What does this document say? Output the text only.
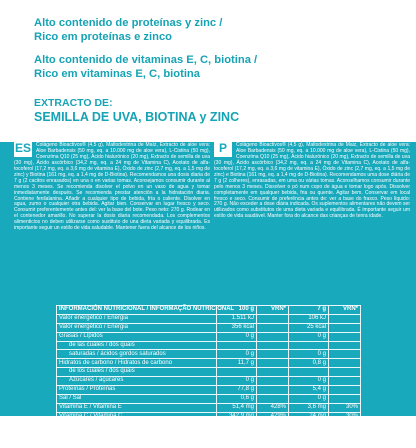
Alto contenido de proteínas y zinc /
Rico em proteínas e zinco
Alto contenido de vitaminas E, C, biotina /
Rico em vitaminas E, C, biotina
EXTRACTO DE:
SEMILLA DE UVA, BIOTINA y ZINC
ES

Contiene un cacito dosificador. Ingredientes por dosis diaria: Péptidos de Colágeno Bioactivos® (4,5 g), Maltodextrina de Maíz, Extracto de aloe vera: Aloe Barbadensis (50 mg, eq. a 10.000 mg de aloe vera), L-Cistina (50 mg), Coenzima Q10 (25 mg), Ácido hialurónico (20 mg), Extracto de semilla de uva (30 mg), Ácido ascórbico (34,2 mg, eq. a 24 mg de Vitamina C), Acetato de alfa-tocoferol (17,2 mg, eq. a 3,6 mg de vitamina E), Óxido de zinc (2,7 mg, eq. a 1,5 mg de zinc) y Biotina (161 mg, eq. a 1,4 mg de D-Biotina). Recomendamos una dosis diaria de 7 g (2 cacitos enrasados) en una o en varias tomas. Aconsejamos consumir durante al menos 3 meses. Se recomienda disolver el polvo en un vaso de agua y tomar inmediatamente después. Se recomienda prestar atención a la hidratación diaria. Contiene fenilalanina. Añadir a cualquier tipo de bebida, fría o caliente. Disolver en agua, zumo o cualquier otra bebida. Agitar bien. Conservar en lugar fresco y seco. Consumir preferentemente antes del: ver la base del bote. Peso neto: 270 g. Rodear en el contenedor amarillo. No superar la dosis diaria recomendada. Los complementos alimenticios no deben utilizarse como sustituto de una dieta variada y equilibrada. Es importante seguir un estilo de vida saludable. Mantener fuera del alcance de los niños.

P

Contém um colher de dosagem. Ingredientes por dose diária: Péptidos de Colágeno Bioactivos® (4,5 g), Maltodextrina de Maiz, Extracto de aloe vera: Aloe Barbadensis (50 mg, eq. a 10.000 mg de aloe vera), L-Cistina (50 mg), Coenzima Q10 (25 mg), Ácido hialurónico (20 mg), Extracto de semilla de uva (30 mg), Ácido ascórbico (34,2 mg, eq. a 24 mg de Vitamina C), Acetato de alfa-tocoferol (17,2 mg, eq. a 3,6 mg de vitamina E), Óxido de zinc (2,7 mg, eq. a 1,5 mg de zinc) e Biotina (161 mg, eq. a 1,4 mg de D-Biotina). Recomendamos uma dose diária de 7 g (2 colheres), enrasadas, em uma ou várias tomas. Aconselhamos consumir durante pelo menos 3 meses. Dissolver o pó num copo de água e tomar logo após. Dissolver completamente em qualquer bebida, fria ou quente. Agitar bem. Conservar em local fresco e seco. Consumir de preferência antes de: ver a base do frasco. Peso líquido: 270 g. Não exceder a dose diária indicada. Os suplementos alimentares não devem ser utilizados como substitutos de uma dieta variada e equilibrada. É importante seguir um estilo de vida saudável. Manter fora do alcance das crianças de tenra idade.

INFORMACIÓN NUTRICIONAL / INFORMAÇÃO NUTRICIONAL	100 g	VRN*	7 g	VRN*
Valor energético / Energia	1.511 kJ		106 kJ	
Valor energético / Energia	356 kcal		25 kcal	
Grasas / Lípidos	0 g		0 g	
de las cuales / dos quais				
saturadas / ácidos gordos saturados	0 g		0 g	
Hidratos de carbono / Hidratos de carbono	11,7 g		0,8 g	
de los cuales / dos quais				
Azúcares / açúcares	0 g		0 g	
Proteínas / Proteínas	77,8 g		5,4 g	
Sal / Sal	0,6 g		0 g	
Vitamina E / Vitamina E	51,4 mg	428%	3,6 mg	30%
Vitamina C / Vitamina C	342,9 mg	429%	24 mg	30%
Biotina / Biotina	1.428,6 µg	2857%	100 µg	200%
Zinc / Zinco	43 mg	430%	3 mg	30%
*VRN: Valores de Referencia de Nutrientes / Nutrientes Valores de Referência				
